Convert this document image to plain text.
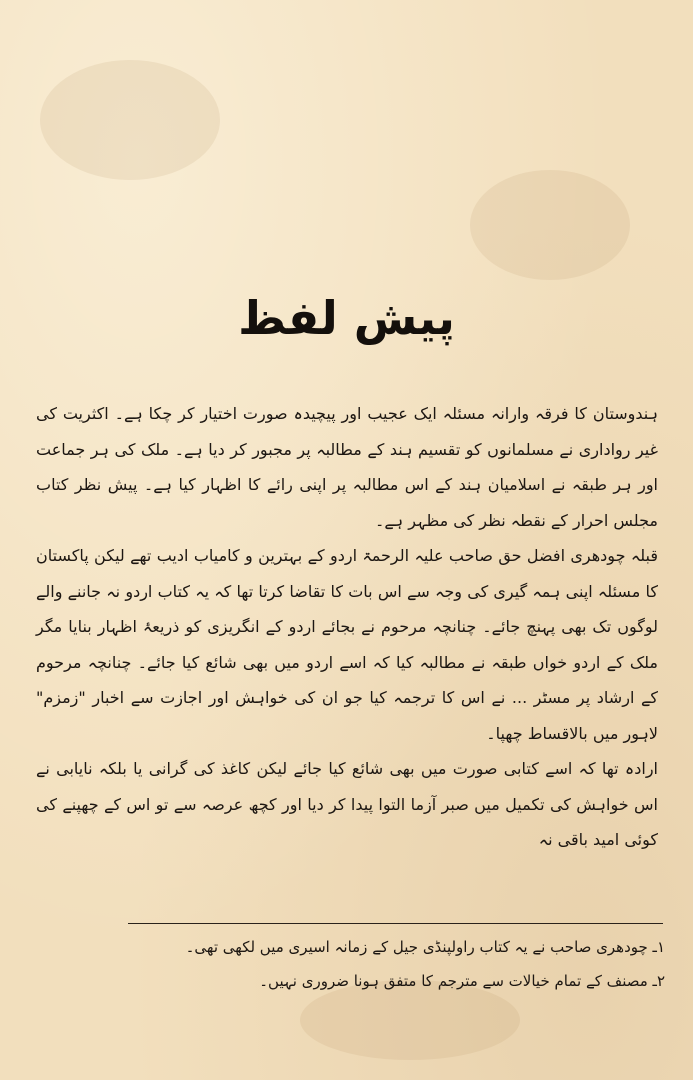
پیش لفظ

ہندوستان کا فرقہ وارانہ مسئلہ ایک عجیب اور پیچیدہ صورت اختیار کر چکا ہے۔ اکثریت کی غیر رواداری نے مسلمانوں کو تقسیم ہند کے مطالبہ پر مجبور کر دیا ہے۔ ملک کی ہر جماعت اور ہر طبقہ نے اسلامیان ہند کے اس مطالبہ پر اپنی رائے کا اظہار کیا ہے۔ پیش نظر کتاب مجلس احرار کے نقطہ نظر کی مظہر ہے۔

قبلہ چودھری افضل حق صاحب علیہ الرحمۃ اردو کے بہترین و کامیاب ادیب تھے لیکن پاکستان کا مسئلہ اپنی ہمہ گیری کی وجہ سے اس بات کا تقاضا کرتا تھا کہ یہ کتاب اردو نہ جاننے والے لوگوں تک بھی پہنچ جائے۔ چنانچہ مرحوم نے بجائے اردو کے انگریزی کو ذریعۂ اظہار بنایا مگر ملک کے اردو خواں طبقہ نے مطالبہ کیا کہ اسے اردو میں بھی شائع کیا جائے۔ چنانچہ مرحوم کے ارشاد پر مسٹر ... نے اس کا ترجمہ کیا جو ان کی خواہش اور اجازت سے اخبار "زمزم" لاہور میں بالاقساط چھپا۔

ارادہ تھا کہ اسے کتابی صورت میں بھی شائع کیا جائے لیکن کاغذ کی گرانی یا بلکہ نایابی نے اس خواہش کی تکمیل میں صبر آزما التوا پیدا کر دیا اور کچھ عرصہ سے تو اس کے چھپنے کی کوئی امید باقی نہ

۱ـ چودھری صاحب نے یہ کتاب راولپنڈی جیل کے زمانہ اسیری میں لکھی تھی۔

۲ـ مصنف کے تمام خیالات سے مترجم کا متفق ہونا ضروری نہیں۔
